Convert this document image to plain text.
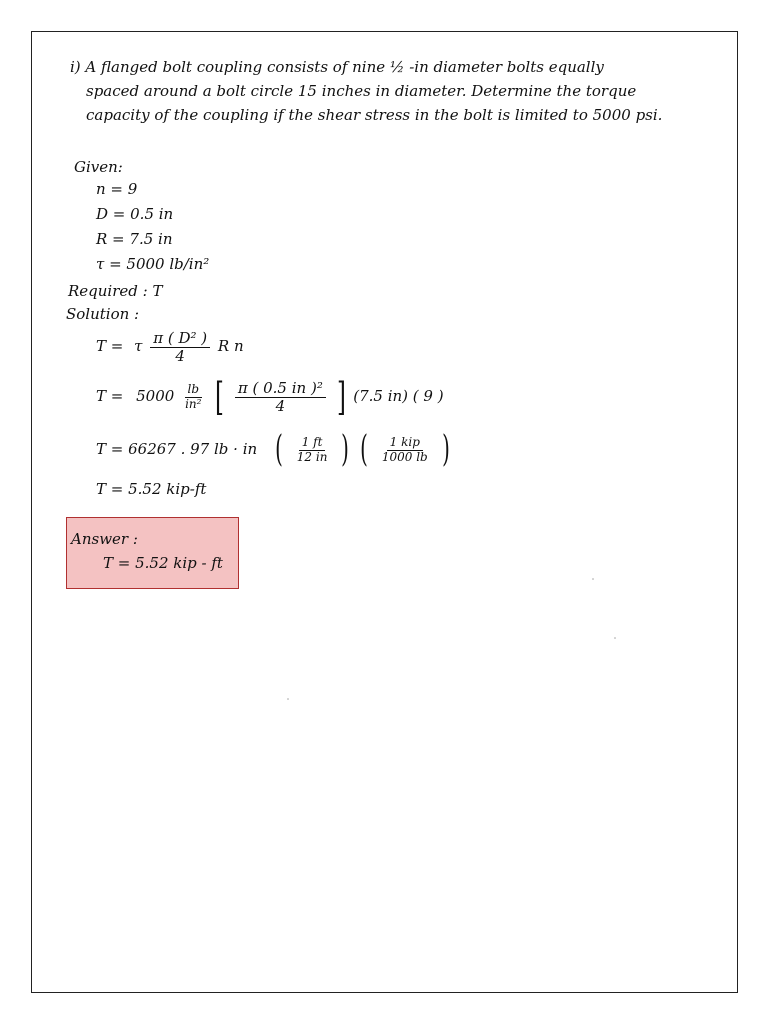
i) A flanged bolt coupling consists of nine ½ -in diameter bolts equally
spaced around a bolt circle 15 inches in diameter. Determine the torque
capacity of the coupling if the shear stress in the bolt is limited to 5000 psi.
Given:
n = 9
D = 0.5 in
R = 7.5 in
τ = 5000 lb/in²
Required : T
Solution :
T = τ $\frac{\text{π ( D² )}}{4}$ R n
$T = 5000 \frac{lb}{\text{in²}}$ [ $\frac{\text{π ( 0.5 in )²}}{4}$ ] (7.5 in) ( 9 )
T = 66267 . 97 lb · in ( $\frac{1 ft}{12 in}$ ) ( $\frac{\text{1 kip}}{1000 lb}$ )
T = 5.52 kip-ft
Answer :
T = 5.52 kip - ft
